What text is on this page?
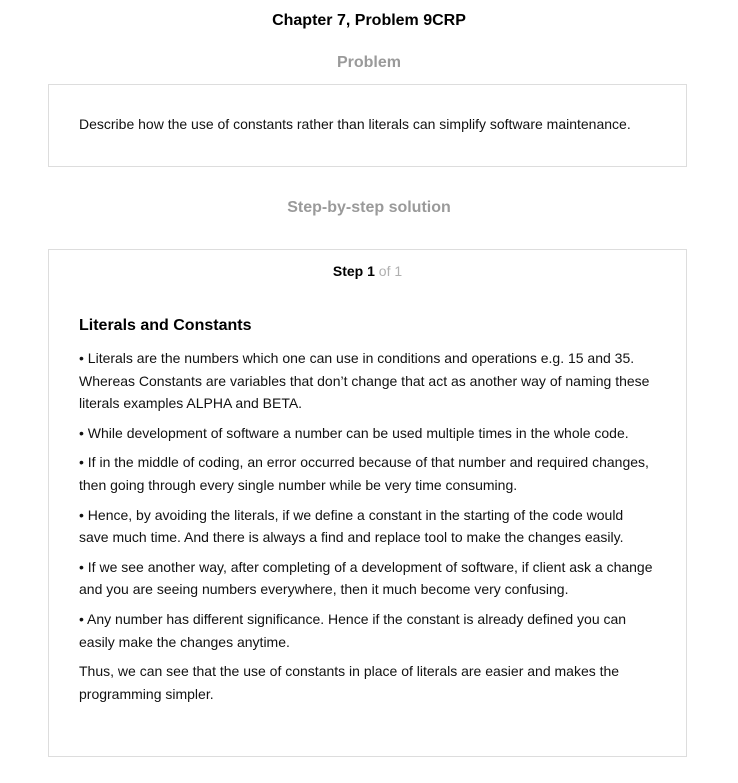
Chapter 7, Problem 9CRP
Problem
Describe how the use of constants rather than literals can simplify software maintenance.
Step-by-step solution
Step 1 of 1
Literals and Constants

• Literals are the numbers which one can use in conditions and operations e.g. 15 and 35. Whereas Constants are variables that don’t change that act as another way of naming these literals examples ALPHA and BETA.

• While development of software a number can be used multiple times in the whole code.

• If in the middle of coding, an error occurred because of that number and required changes, then going through every single number while be very time consuming.

• Hence, by avoiding the literals, if we define a constant in the starting of the code would save much time. And there is always a find and replace tool to make the changes easily.

• If we see another way, after completing of a development of software, if client ask a change and you are seeing numbers everywhere, then it much become very confusing.

• Any number has different significance. Hence if the constant is already defined you can easily make the changes anytime.

Thus, we can see that the use of constants in place of literals are easier and makes the programming simpler.
